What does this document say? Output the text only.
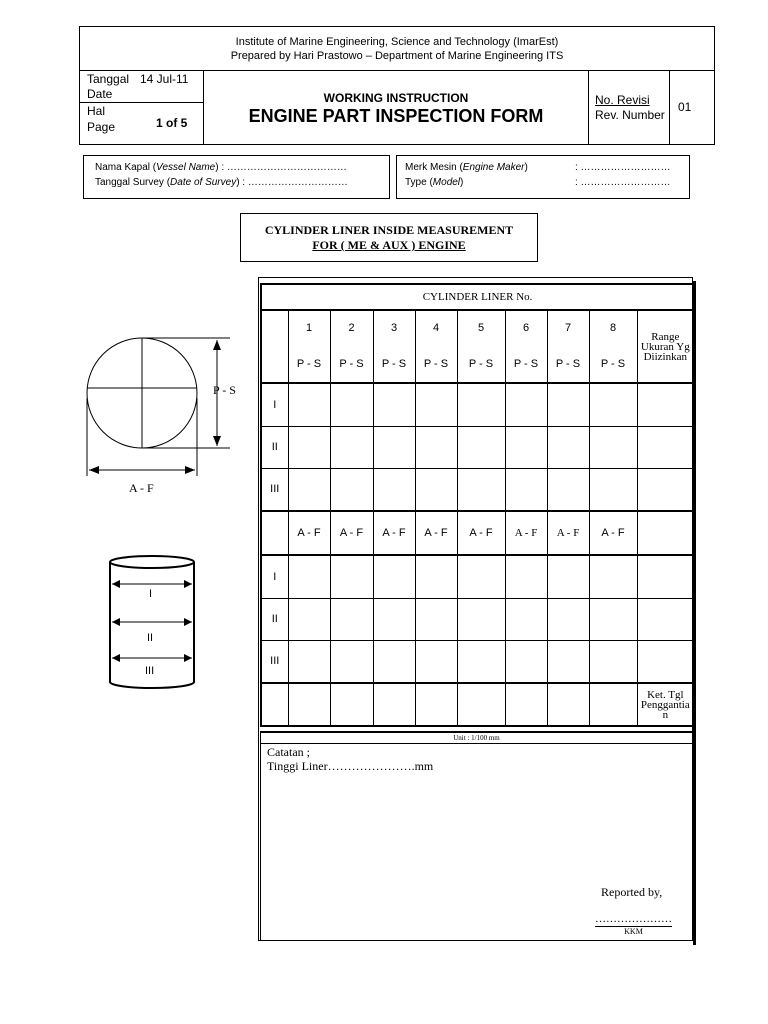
Institute of Marine Engineering, Science and Technology (ImarEst)
Prepared by Hari Prastowo – Department of Marine Engineering ITS
Tanggal 14 Jul-11
Date
Hal
Page	1 of 5
WORKING INSTRUCTION
ENGINE PART INSPECTION FORM
No. Revisi
Rev. Number
01
Nama Kapal (Vessel Name) : ………………………………
Tanggal Survey (Date of Survey) : …………………………
Merk Mesin (Engine Maker)	: ………………………
Type (Model)	: ………………………
CYLINDER LINER INSIDE MEASUREMENT
FOR ( ME & AUX ) ENGINE
P - S
A - F
I
II
III
CYLINDER LINER No.									
	1	2	3	4	5	6	7	8	Range Ukuran Yg Diizinkan
	P - S	P - S	P - S	P - S	P - S	P - S	P - S	P - S	
I									
II									
III									
	A - F	A - F	A - F	A - F	A - F	A - F	A - F	A - F	
I									
II									
III									
									Ket. Tgl Penggantia n
Unit : 1/100 mm
Catatan ;
Tinggi Liner………………….mm
Reported by,
…………………
KKM
